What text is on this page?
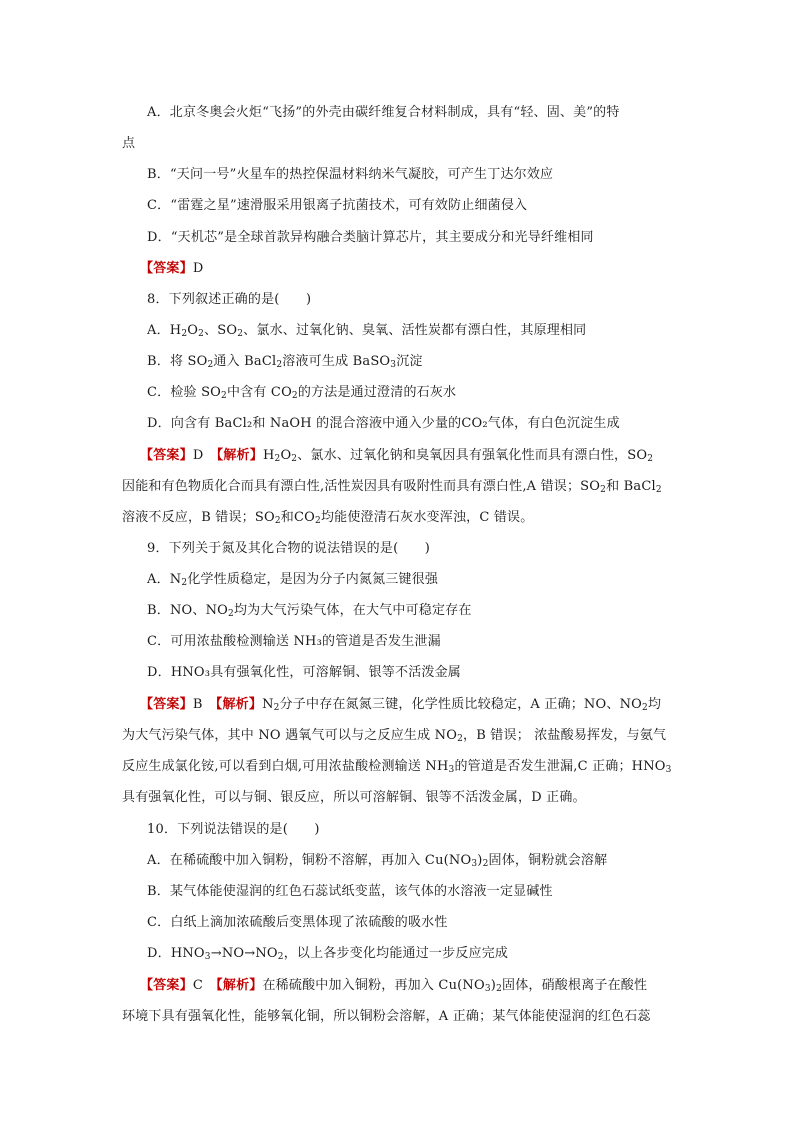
A．北京冬奥会火炬“飞扬”的外壳由碳纤维复合材料制成，具有“轻、固、美”的特
点
B．“天问一号”火星车的热控保温材料纳米气凝胶，可产生丁达尔效应
C．“雷霆之星”速滑服采用银离子抗菌技术，可有效防止细菌侵入
D．“天机芯”是全球首款异构融合类脑计算芯片，其主要成分和光导纤维相同
【答案】D
8．下列叙述正确的是(　　)
A．$H_2O_2$、$SO_2$、氯水、过氧化钠、臭氧、活性炭都有漂白性，其原理相同
B．将 $SO_2$通入 BaCl$_2$溶液可生成 BaSO$_3$沉淀
C．检验 $SO_2$中含有 $CO_2$的方法是通过澄清的石灰水
D．向含有 BaCl₂和 NaOH 的混合溶液中通入少量的CO₂气体，有白色沉淀生成
【答案】D　 【解析】$H_2O_2$、氯水、过氧化钠和臭氧因具有强氧化性而具有漂白性，$SO_2$
因能和有色物质化合而具有漂白性,活性炭因具有吸附性而具有漂白性,A 错误；$SO_2$和 BaCl$_2$
溶液不反应，B 错误；$SO_2$和$CO_2$均能使澄清石灰水变浑浊，C 错误。
9．下列关于氮及其化合物的说法错误的是(　　)
A．$N_2$化学性质稳定，是因为分子内氮氮三键很强
B．NO、$NO_2$均为大气污染气体，在大气中可稳定存在
C．可用浓盐酸检测输送 NH₃的管道是否发生泄漏
D．HNO₃具有强氧化性，可溶解铜、银等不活泼金属
【答案】B　 【解析】$N_2$分子中存在氮氮三键，化学性质比较稳定，A 正确；NO、$NO_2$均
为大气污染气体，其中 NO 遇氧气可以与之反应生成 $NO_2$，B 错误； 浓盐酸易挥发，与氨气
反应生成氯化铵,可以看到白烟,可用浓盐酸检测输送 $NH_3$的管道是否发生泄漏,C 正确；$HNO_3$
具有强氧化性，可以与铜、银反应，所以可溶解铜、银等不活泼金属，D 正确。
10．下列说法错误的是(　　)
A．在稀硫酸中加入铜粉，铜粉不溶解，再加入 $Cu(NO_3)_2$固体，铜粉就会溶解
B．某气体能使湿润的红色石蕊试纸变蓝，该气体的水溶液一定显碱性
C．白纸上滴加浓硫酸后变黑体现了浓硫酸的吸水性
D．$HNO_3\to NO\to NO_2$，以上各步变化均能通过一步反应完成
【答案】C　 【解析】在稀硫酸中加入铜粉，再加入 $Cu(NO_3)_2$固体，硝酸根离子在酸性
环境下具有强氧化性，能够氧化铜，所以铜粉会溶解，A 正确；某气体能使湿润的红色石蕊
